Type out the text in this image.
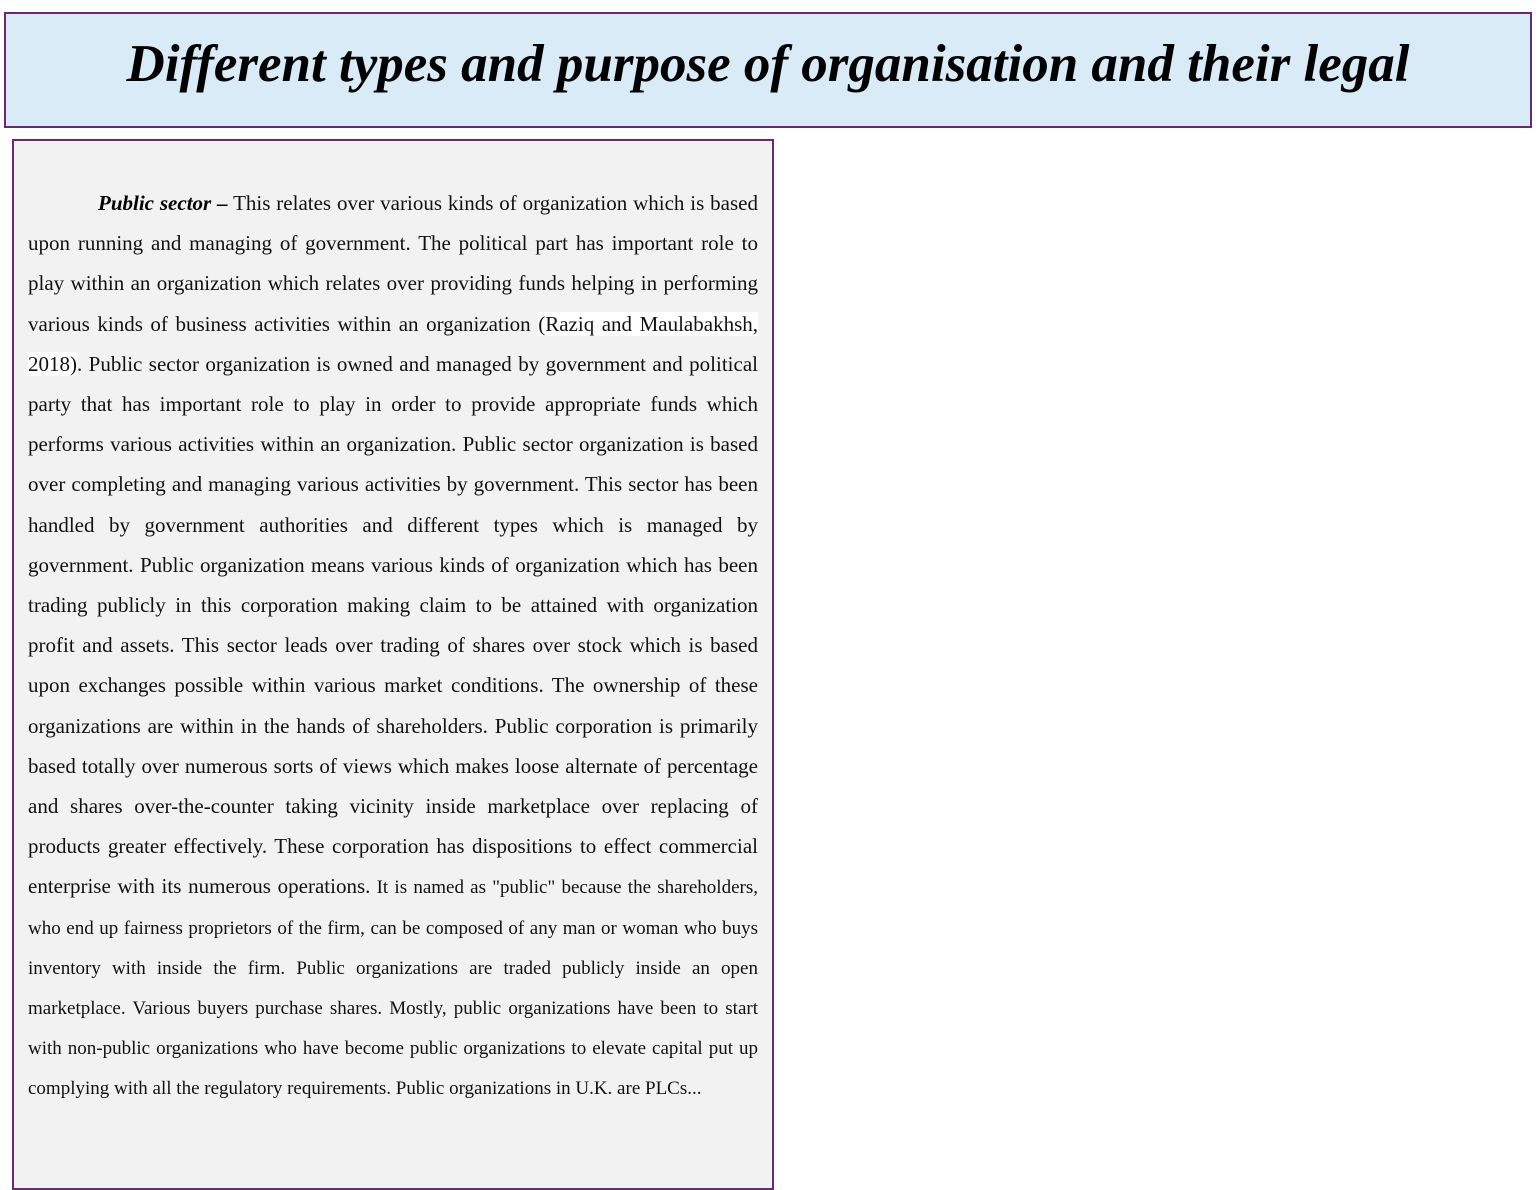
Different types and purpose of organisation and their legal

Public sector – This relates over various kinds of organization which is based upon running and managing of government. The political part has important role to play within an organization which relates over providing funds helping in performing various kinds of business activities within an organization (Raziq and Maulabakhsh, 2018). Public sector organization is owned and managed by government and political party that has important role to play in order to provide appropriate funds which performs various activities within an organization. Public sector organization is based over completing and managing various activities by government. This sector has been handled by government authorities and different types which is managed by government. Public organization means various kinds of organization which has been trading publicly in this corporation making claim to be attained with organization profit and assets. This sector leads over trading of shares over stock which is based upon exchanges possible within various market conditions. The ownership of these organizations are within in the hands of shareholders. Public corporation is primarily based totally over numerous sorts of views which makes loose alternate of percentage and shares over-the-counter taking vicinity inside marketplace over replacing of products greater effectively. These corporation has dispositions to effect commercial enterprise with its numerous operations. It is named as "public" because the shareholders, who end up fairness proprietors of the firm, can be composed of any man or woman who buys inventory with inside the firm. Public organizations are traded publicly inside an open marketplace. Various buyers purchase shares. Mostly, public organizations have been to start with non-public organizations who have become public organizations to elevate capital put up complying with all the regulatory requirements. Public organizations in U.K. are PLCs...
